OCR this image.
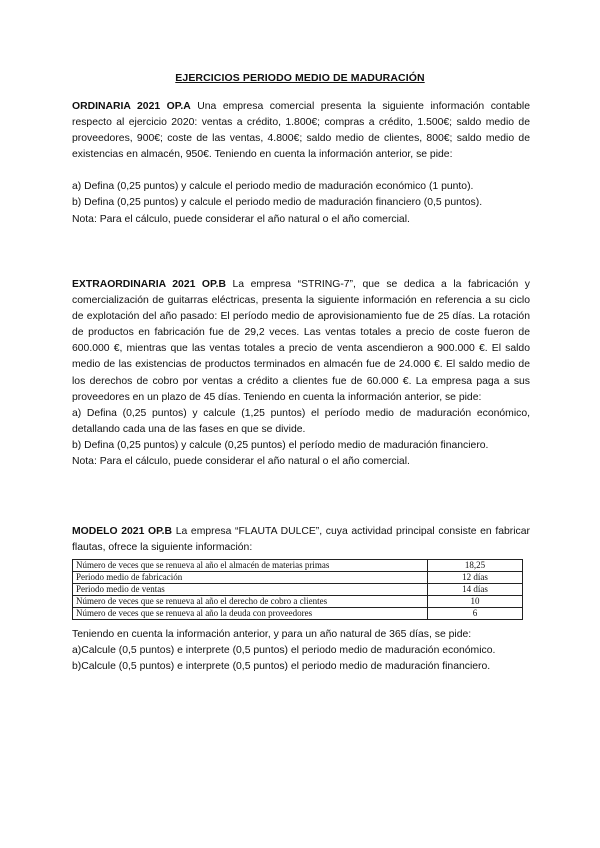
EJERCICIOS PERIODO MEDIO DE MADURACIÓN

ORDINARIA 2021 OP.A Una empresa comercial presenta la siguiente información contable respecto al ejercicio 2020: ventas a crédito, 1.800€; compras a crédito, 1.500€; saldo medio de proveedores, 900€; coste de las ventas, 4.800€; saldo medio de clientes, 800€; saldo medio de existencias en almacén, 950€. Teniendo en cuenta la información anterior, se pide:

a) Defina (0,25 puntos) y calcule el periodo medio de maduración económico (1 punto).

b) Defina (0,25 puntos) y calcule el periodo medio de maduración financiero (0,5 puntos).

Nota: Para el cálculo, puede considerar el año natural o el año comercial.

EXTRAORDINARIA 2021 OP.B La empresa “STRING-7”, que se dedica a la fabricación y comercialización de guitarras eléctricas, presenta la siguiente información en referencia a su ciclo de explotación del año pasado: El período medio de aprovisionamiento fue de 25 días. La rotación de productos en fabricación fue de 29,2 veces. Las ventas totales a precio de coste fueron de 600.000 €, mientras que las ventas totales a precio de venta ascendieron a 900.000 €. El saldo medio de las existencias de productos terminados en almacén fue de 24.000 €. El saldo medio de los derechos de cobro por ventas a crédito a clientes fue de 60.000 €. La empresa paga a sus proveedores en un plazo de 45 días. Teniendo en cuenta la información anterior, se pide:

a) Defina (0,25 puntos) y calcule (1,25 puntos) el período medio de maduración económico, detallando cada una de las fases en que se divide.

b) Defina (0,25 puntos) y calcule (0,25 puntos) el período medio de maduración financiero.

Nota: Para el cálculo, puede considerar el año natural o el año comercial.

MODELO 2021 OP.B La empresa “FLAUTA DULCE”, cuya actividad principal consiste en fabricar flautas, ofrece la siguiente información:

Número de veces que se renueva al año el almacén de materias primas	18,25
Periodo medio de fabricación	12 días
Periodo medio de ventas	14 días
Número de veces que se renueva al año el derecho de cobro a clientes	10
Número de veces que se renueva al año la deuda con proveedores	6

Teniendo en cuenta la información anterior, y para un año natural de 365 días, se pide:

a)Calcule (0,5 puntos) e interprete (0,5 puntos) el periodo medio de maduración económico.

b)Calcule (0,5 puntos) e interprete (0,5 puntos) el periodo medio de maduración financiero.
